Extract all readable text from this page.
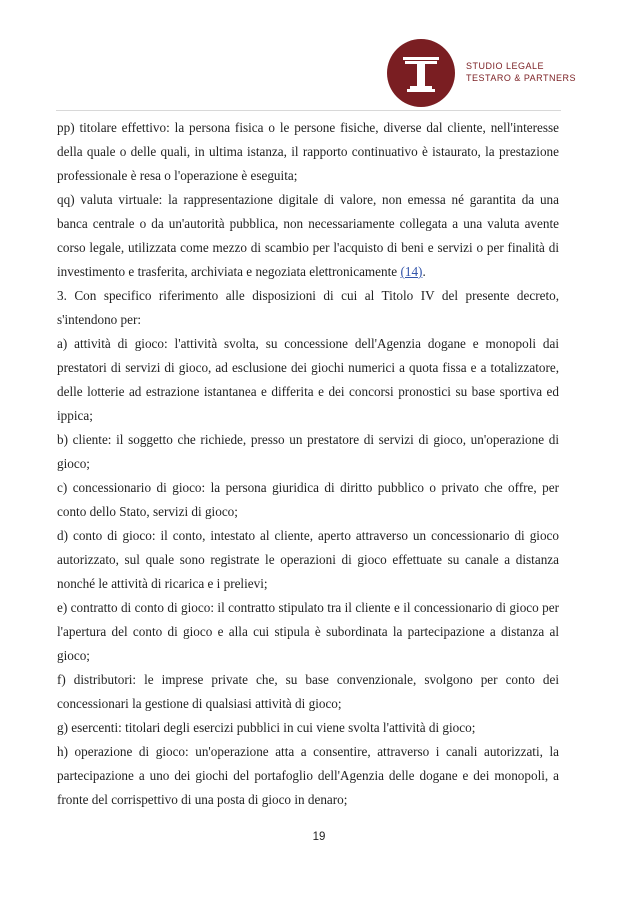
STUDIO LEGALE
TESTARO & PARTNERS

pp) titolare effettivo: la persona fisica o le persone fisiche, diverse dal cliente, nell'interesse della quale o delle quali, in ultima istanza, il rapporto continuativo è istaurato, la prestazione professionale è resa o l'operazione è eseguita;

qq) valuta virtuale: la rappresentazione digitale di valore, non emessa né garantita da una banca centrale o da un'autorità pubblica, non necessariamente collegata a una valuta avente corso legale, utilizzata come mezzo di scambio per l'acquisto di beni e servizi o per finalità di investimento e trasferita, archiviata e negoziata elettronicamente (14).

3. Con specifico riferimento alle disposizioni di cui al Titolo IV del presente decreto, s'intendono per:

a) attività di gioco: l'attività svolta, su concessione dell'Agenzia dogane e monopoli dai prestatori di servizi di gioco, ad esclusione dei giochi numerici a quota fissa e a totalizzatore, delle lotterie ad estrazione istantanea e differita e dei concorsi pronostici su base sportiva ed ippica;

b) cliente: il soggetto che richiede, presso un prestatore di servizi di gioco, un'operazione di gioco;

c) concessionario di gioco: la persona giuridica di diritto pubblico o privato che offre, per conto dello Stato, servizi di gioco;

d) conto di gioco: il conto, intestato al cliente, aperto attraverso un concessionario di gioco autorizzato, sul quale sono registrate le operazioni di gioco effettuate su canale a distanza nonché le attività di ricarica e i prelievi;

e) contratto di conto di gioco: il contratto stipulato tra il cliente e il concessionario di gioco per l'apertura del conto di gioco e alla cui stipula è subordinata la partecipazione a distanza al gioco;

f) distributori: le imprese private che, su base convenzionale, svolgono per conto dei concessionari la gestione di qualsiasi attività di gioco;

g) esercenti: titolari degli esercizi pubblici in cui viene svolta l'attività di gioco;

h) operazione di gioco: un'operazione atta a consentire, attraverso i canali autorizzati, la partecipazione a uno dei giochi del portafoglio dell'Agenzia delle dogane e dei monopoli, a fronte del corrispettivo di una posta di gioco in denaro;

19
